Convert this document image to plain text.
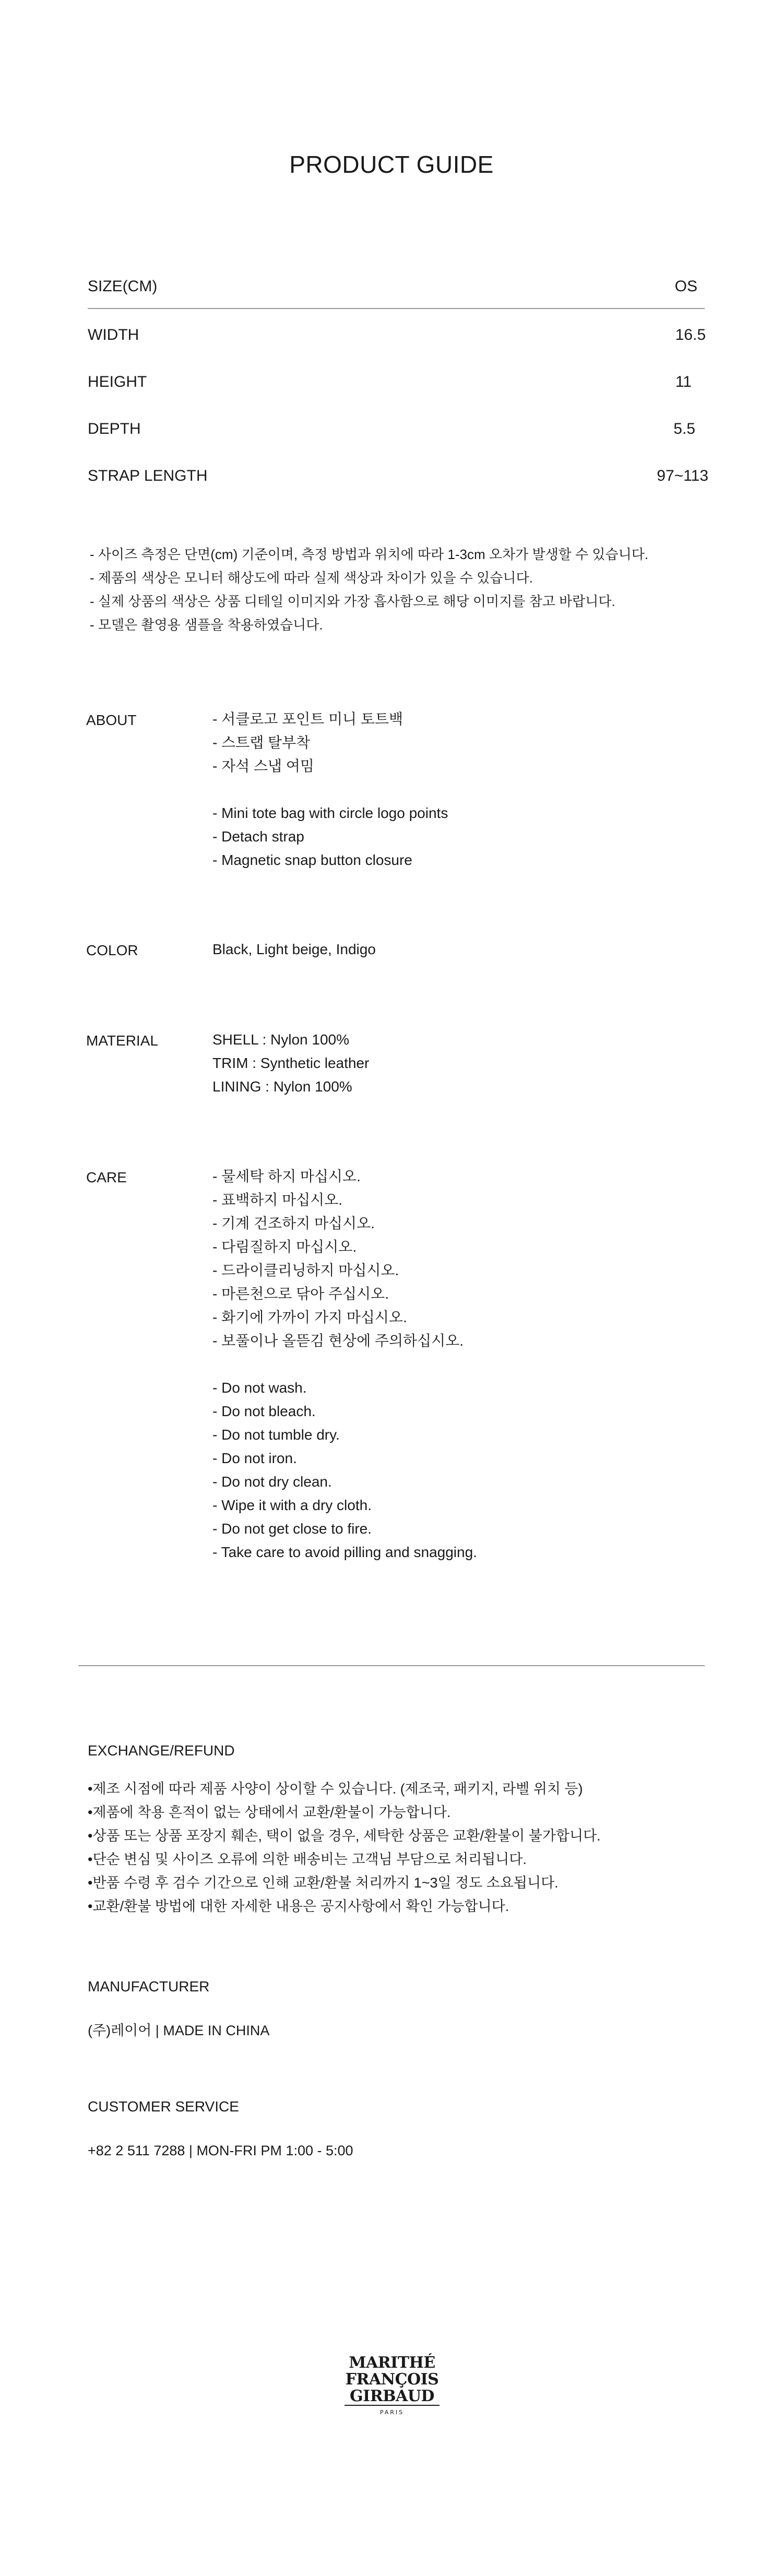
PRODUCT GUIDE
SIZE(CM)	OS
WIDTH	16.5
HEIGHT	11
DEPTH	5.5
STRAP LENGTH	97~113
- 사이즈 측정은 단면(cm) 기준이며, 측정 방법과 위치에 따라 1-3cm 오차가 발생할 수 있습니다.
- 제품의 색상은 모니터 해상도에 따라 실제 색상과 차이가 있을 수 있습니다.
- 실제 상품의 색상은 상품 디테일 이미지와 가장 흡사함으로 해당 이미지를 참고 바랍니다.
- 모델은 촬영용 샘플을 착용하였습니다.
ABOUT	- 서클로고 포인트 미니 토트백
- 스트랩 탈부착
- 자석 스냅 여밈
- Mini tote bag with circle logo points
- Detach strap
- Magnetic snap button closure
COLOR	Black, Light beige, Indigo
MATERIAL	SHELL : Nylon 100%
TRIM : Synthetic leather
LINING : Nylon 100%
CARE	- 물세탁 하지 마십시오.
- 표백하지 마십시오.
- 기계 건조하지 마십시오.
- 다림질하지 마십시오.
- 드라이클리닝하지 마십시오.
- 마른천으로 닦아 주십시오.
- 화기에 가까이 가지 마십시오.
- 보풀이나 올뜯김 현상에 주의하십시오.
- Do not wash.
- Do not bleach.
- Do not tumble dry.
- Do not iron.
- Do not dry clean.
- Wipe it with a dry cloth.
- Do not get close to fire.
- Take care to avoid pilling and snagging.
EXCHANGE/REFUND
•제조 시점에 따라 제품 사양이 상이할 수 있습니다. (제조국, 패키지, 라벨 위치 등)
•제품에 착용 흔적이 없는 상태에서 교환/환불이 가능합니다.
•상품 또는 상품 포장지 훼손, 택이 없을 경우, 세탁한 상품은 교환/환불이 불가합니다.
•단순 변심 및 사이즈 오류에 의한 배송비는 고객님 부담으로 처리됩니다.
•반품 수령 후 검수 기간으로 인해 교환/환불 처리까지 1~3일 정도 소요됩니다.
•교환/환불 방법에 대한 자세한 내용은 공지사항에서 확인 가능합니다.
MANUFACTURER
(주)레이어 | MADE IN CHINA
CUSTOMER SERVICE
+82 2 511 7288 | MON-FRI PM 1:00 - 5:00
MARITHÉ
FRANÇOIS
GIRBAUD
PARIS
